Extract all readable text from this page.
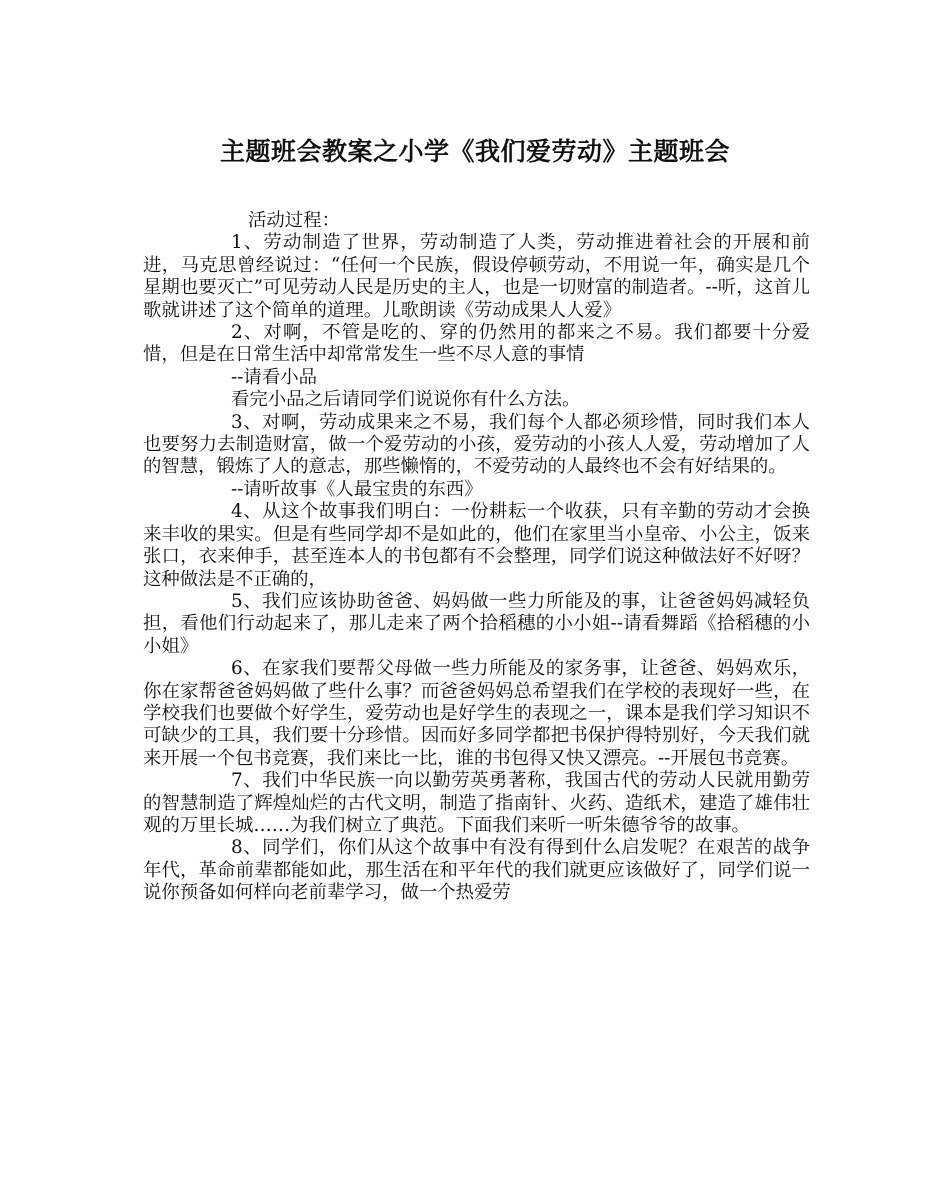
主题班会教案之小学《我们爱劳动》主题班会

活动过程：

1、劳动制造了世界，劳动制造了人类，劳动推进着社会的开展和前进，马克思曾经说过：“任何一个民族，假设停顿劳动，不用说一年，确实是几个星期也要灭亡”可见劳动人民是历史的主人，也是一切财富的制造者。--听，这首儿歌就讲述了这个简单的道理。儿歌朗读《劳动成果人人爱》

2、对啊，不管是吃的、穿的仍然用的都来之不易。我们都要十分爱惜，但是在日常生活中却常常发生一些不尽人意的事情

--请看小品

看完小品之后请同学们说说你有什么方法。

3、对啊，劳动成果来之不易，我们每个人都必须珍惜，同时我们本人也要努力去制造财富，做一个爱劳动的小孩，爱劳动的小孩人人爱，劳动增加了人的智慧，锻炼了人的意志，那些懒惰的，不爱劳动的人最终也不会有好结果的。

--请听故事《人最宝贵的东西》

4、从这个故事我们明白：一份耕耘一个收获，只有辛勤的劳动才会换来丰收的果实。但是有些同学却不是如此的，他们在家里当小皇帝、小公主，饭来张口，衣来伸手，甚至连本人的书包都有不会整理，同学们说这种做法好不好呀？这种做法是不正确的，

5、我们应该协助爸爸、妈妈做一些力所能及的事，让爸爸妈妈减轻负担，看他们行动起来了，那儿走来了两个拾稻穗的小小姐--请看舞蹈《拾稻穗的小小姐》

6、在家我们要帮父母做一些力所能及的家务事，让爸爸、妈妈欢乐，你在家帮爸爸妈妈做了些什么事？而爸爸妈妈总希望我们在学校的表现好一些，在学校我们也要做个好学生，爱劳动也是好学生的表现之一，课本是我们学习知识不可缺少的工具，我们要十分珍惜。因而好多同学都把书保护得特别好，今天我们就来开展一个包书竞赛，我们来比一比，谁的书包得又快又漂亮。--开展包书竞赛。

7、我们中华民族一向以勤劳英勇著称，我国古代的劳动人民就用勤劳的智慧制造了辉煌灿烂的古代文明，制造了指南针、火药、造纸术，建造了雄伟壮观的万里长城……为我们树立了典范。下面我们来听一听朱德爷爷的故事。

8、同学们，你们从这个故事中有没有得到什么启发呢？在艰苦的战争年代，革命前辈都能如此，那生活在和平年代的我们就更应该做好了，同学们说一说你预备如何样向老前辈学习，做一个热爱劳
